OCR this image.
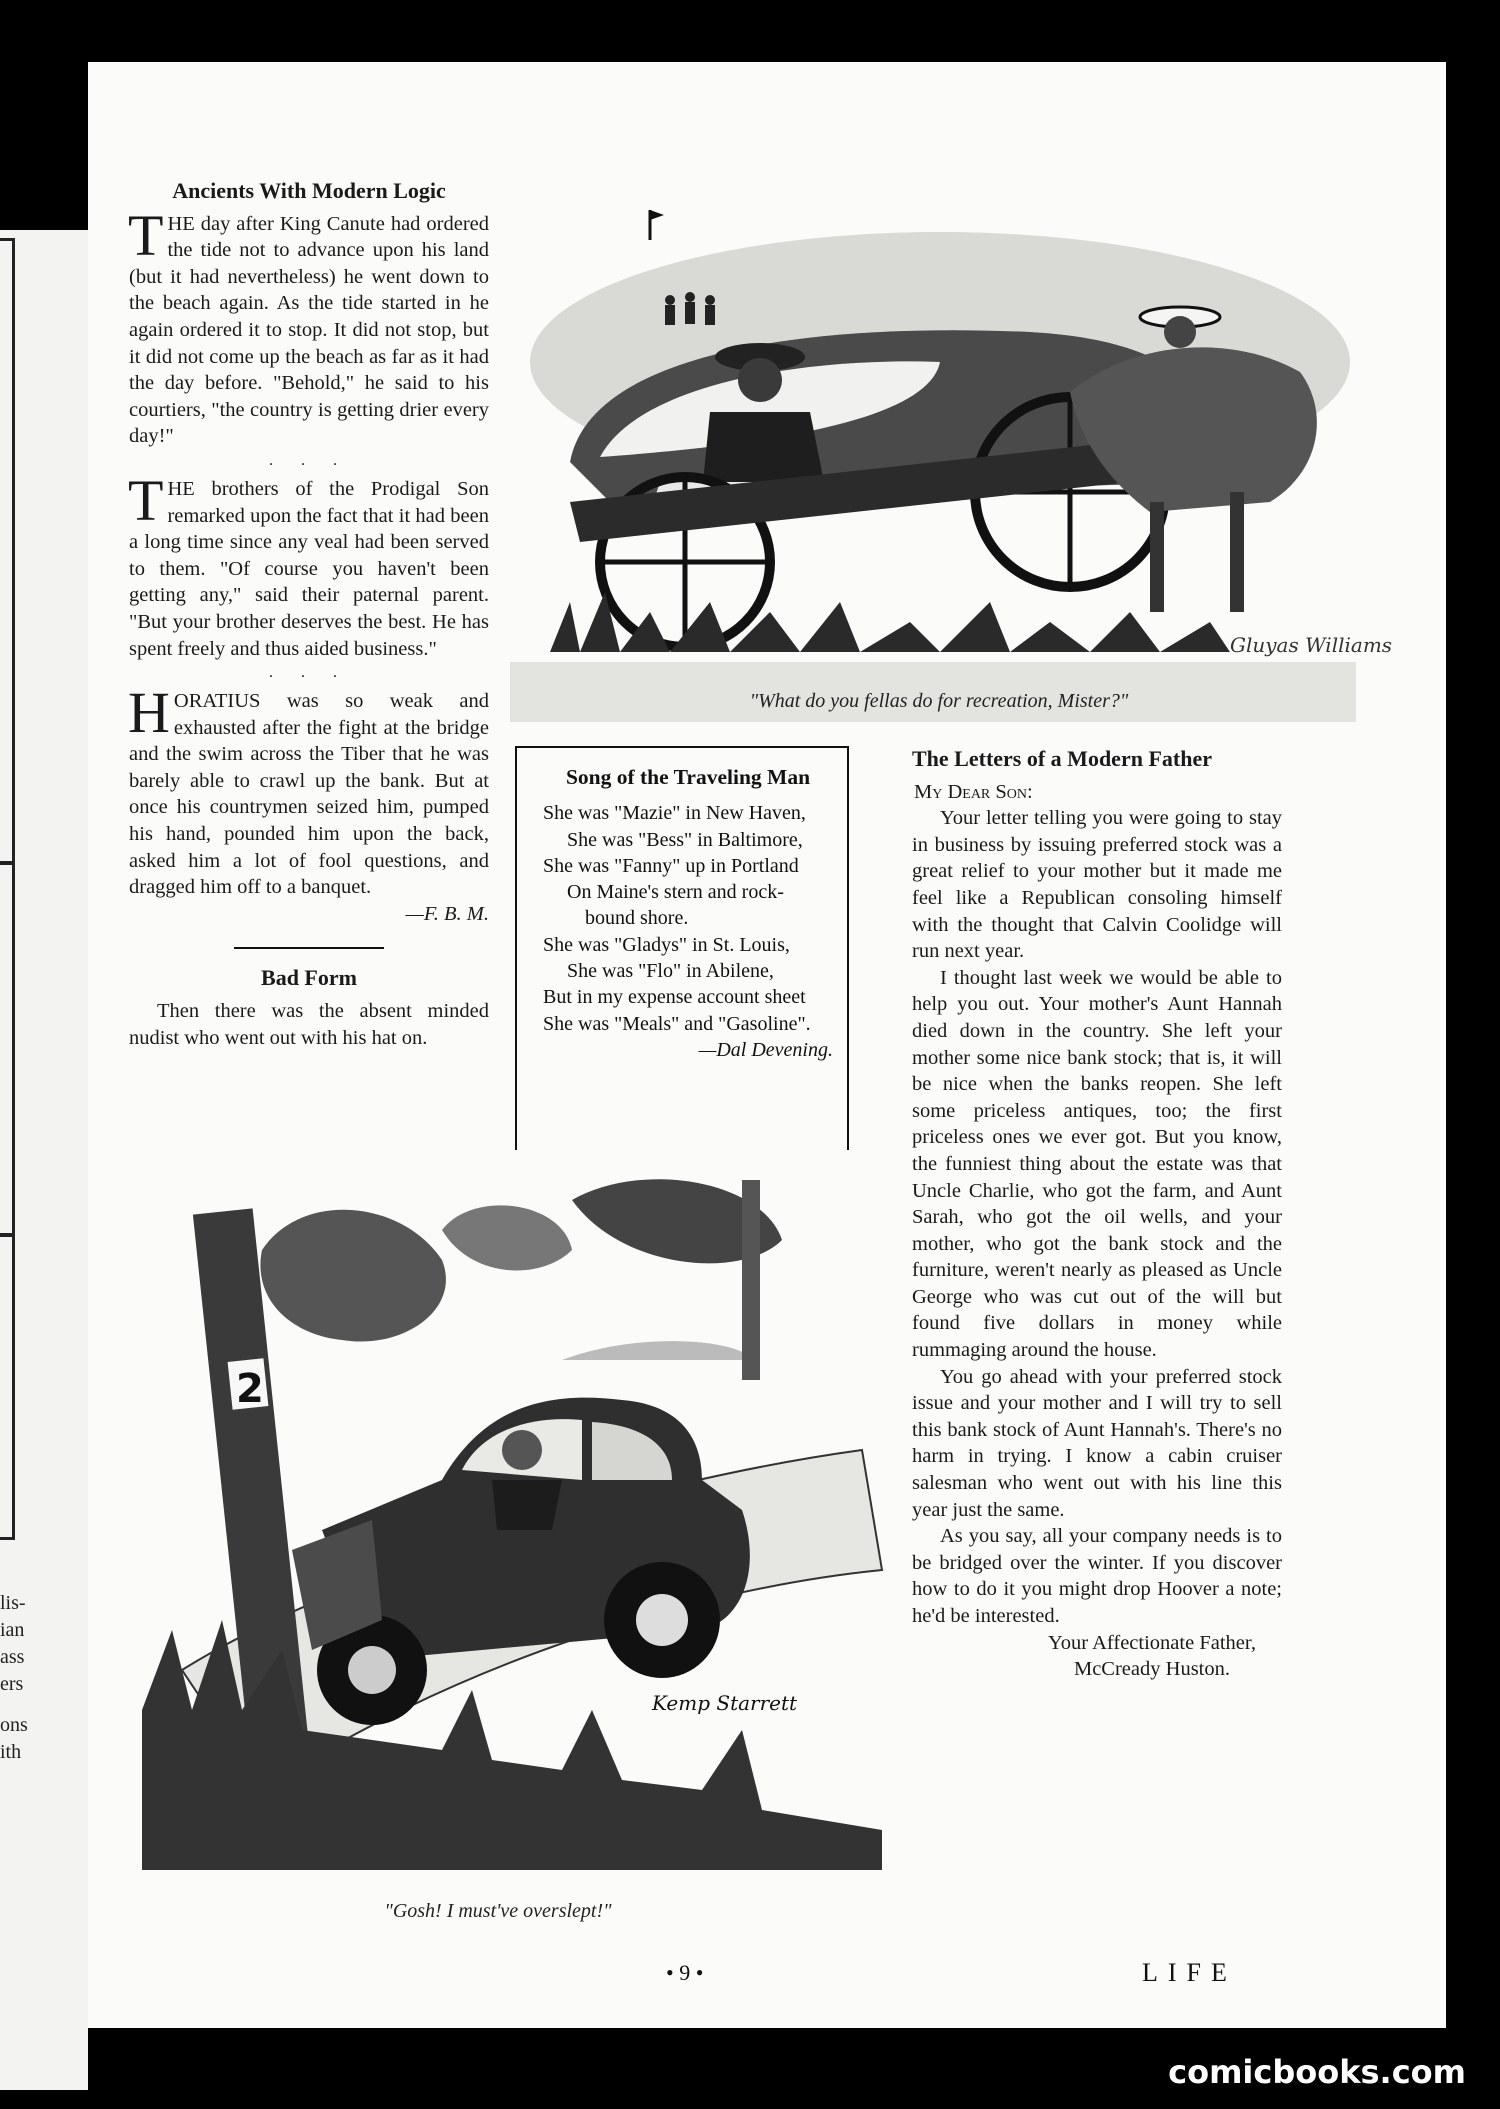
lis-
ian
ass
ers
ons
ith
Ancients With Modern Logic

THE day after King Canute had ordered the tide not to advance upon his land (but it had nevertheless) he went down to the beach again. As the tide started in he again ordered it to stop. It did not stop, but it did not come up the beach as far as it had the day before. "Behold," he said to his courtiers, "the country is getting drier every day!"

. . .

THE brothers of the Prodigal Son remarked upon the fact that it had been a long time since any veal had been served to them. "Of course you haven't been getting any," said their paternal parent. "But your brother deserves the best. He has spent freely and thus aided business."

. . .

HORATIUS was so weak and exhausted after the fight at the bridge and the swim across the Tiber that he was barely able to crawl up the bank. But at once his countrymen seized him, pumped his hand, pounded him upon the back, asked him a lot of fool questions, and dragged him off to a banquet.

—F. B. M.
Bad Form

Then there was the absent minded nudist who went out with his hat on.

Gluyas Williams
"What do you fellas do for recreation, Mister?"
Song of the Traveling Man
She was "Mazie" in New Haven,
She was "Bess" in Baltimore,
She was "Fanny" up in Portland
On Maine's stern and rock-
bound shore.
She was "Gladys" in St. Louis,
She was "Flo" in Abilene,
But in my expense account sheet
She was "Meals" and "Gasoline".
—Dal Devening.
The Letters of a Modern Father
My Dear Son:

Your letter telling you were going to stay in business by issuing preferred stock was a great relief to your mother but it made me feel like a Republican consoling himself with the thought that Calvin Coolidge will run next year.

I thought last week we would be able to help you out. Your mother's Aunt Hannah died down in the country. She left your mother some nice bank stock; that is, it will be nice when the banks reopen. She left some priceless antiques, too; the first priceless ones we ever got. But you know, the funniest thing about the estate was that Uncle Charlie, who got the farm, and Aunt Sarah, who got the oil wells, and your mother, who got the bank stock and the furniture, weren't nearly as pleased as Uncle George who was cut out of the will but found five dollars in money while rummaging around the house.

You go ahead with your preferred stock issue and your mother and I will try to sell this bank stock of Aunt Hannah's. There's no harm in trying. I know a cabin cruiser salesman who went out with his line this year just the same.

As you say, all your company needs is to be bridged over the winter. If you discover how to do it you might drop Hoover a note; he'd be interested.

Your Affectionate Father,
McCready Huston.
2
Kemp Starrett
"Gosh! I must've overslept!"
• 9 •	LIFE
comicbooks.com
